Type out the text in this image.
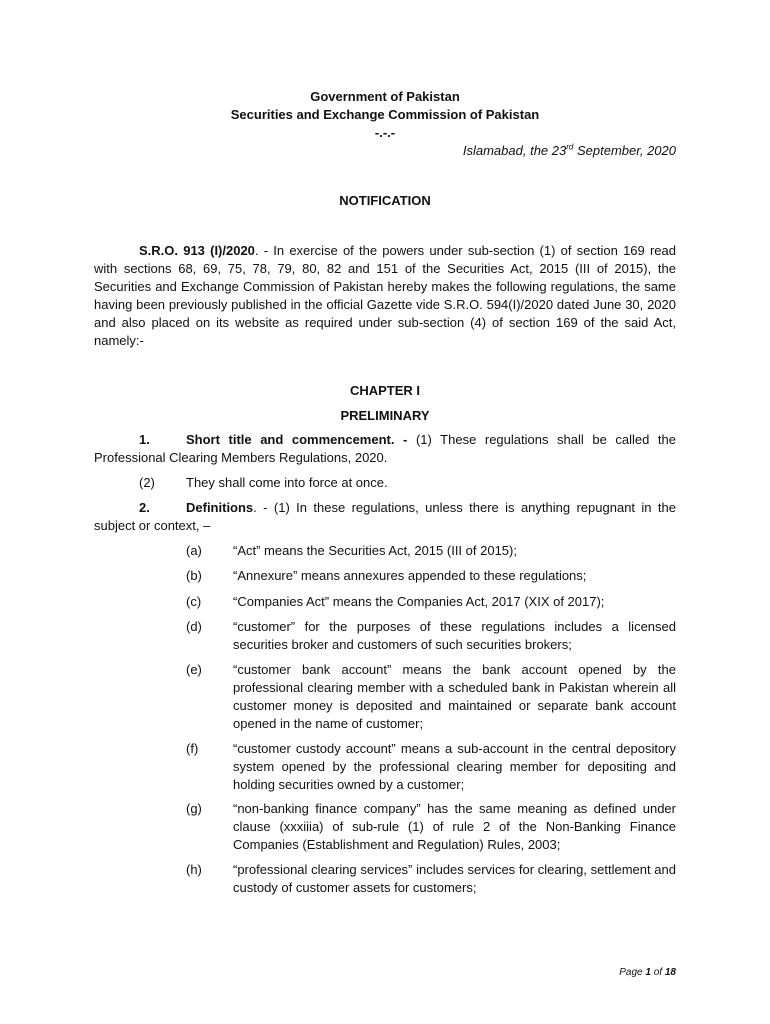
Government of Pakistan
Securities and Exchange Commission of Pakistan
-.-.-
Islamabad, the 23rd September, 2020
NOTIFICATION
S.R.O. 913 (I)/2020. - In exercise of the powers under sub-section (1) of section 169 read with sections 68, 69, 75, 78, 79, 80, 82 and 151 of the Securities Act, 2015 (III of 2015), the Securities and Exchange Commission of Pakistan hereby makes the following regulations, the same having been previously published in the official Gazette vide S.R.O. 594(I)/2020 dated June 30, 2020 and also placed on its website as required under sub-section (4) of section 169 of the said Act, namely:-
CHAPTER I
PRELIMINARY
1.	Short title and commencement. - (1) These regulations shall be called the
Professional Clearing Members Regulations, 2020.
(2) They shall come into force at once.
2.	Definitions. - (1) In these regulations, unless there is anything repugnant in the
subject or context, –
(a)	“Act” means the Securities Act, 2015 (III of 2015);
(b)	“Annexure” means annexures appended to these regulations;
(c)	“Companies Act” means the Companies Act, 2017 (XIX of 2017);
(d)	“customer” for the purposes of these regulations includes a licensed securities broker and customers of such securities brokers;
(e)	“customer bank account” means the bank account opened by the professional clearing member with a scheduled bank in Pakistan wherein all customer money is deposited and maintained or separate bank account opened in the name of customer;
(f)	“customer custody account” means a sub-account in the central depository system opened by the professional clearing member for depositing and holding securities owned by a customer;
(g)	“non-banking finance company” has the same meaning as defined under clause (xxxiiia) of sub-rule (1) of rule 2 of the Non-Banking Finance Companies (Establishment and Regulation) Rules, 2003;
(h)	“professional clearing services” includes services for clearing, settlement and custody of customer assets for customers;
Page 1 of 18
